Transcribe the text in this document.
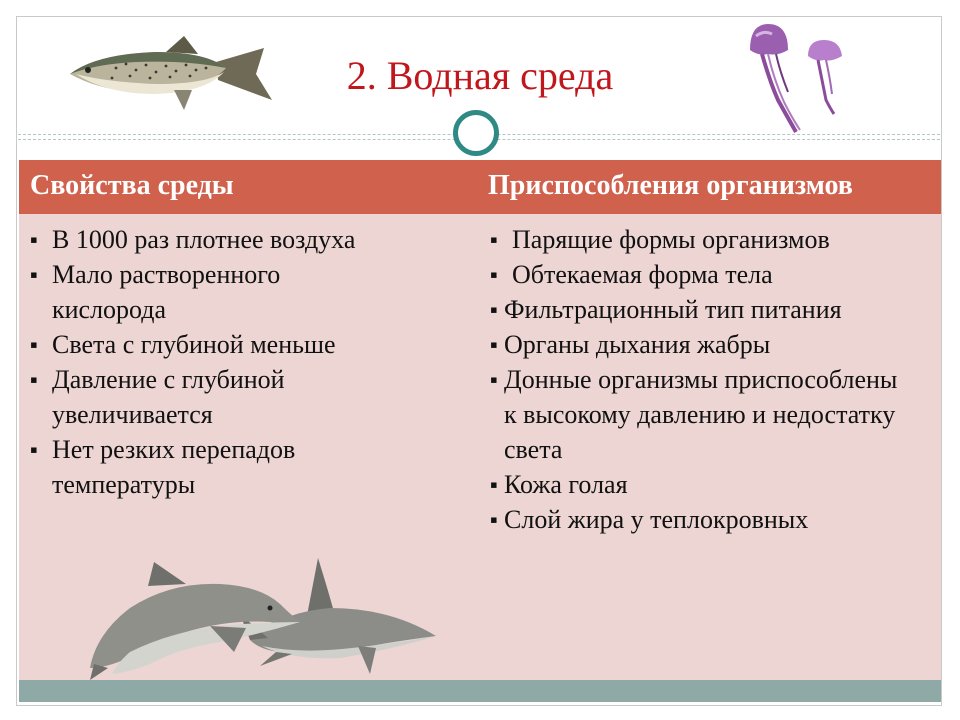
2. Водная среда
Свойства среды	Приспособления организмов
▪ В 1000 раз плотнее воздуха
▪ Мало растворенного кислорода
▪ Света с глубиной меньше
▪ Давление с глубиной увеличивается
▪ Нет резких перепадов температуры
▪ Парящие формы организмов
▪ Обтекаемая форма тела
▪ Фильтрационный тип питания
▪ Органы дыхания жабры
▪ Донные организмы приспособлены к высокому давлению и недостатку света
▪ Кожа голая
▪ Слой жира у теплокровных
